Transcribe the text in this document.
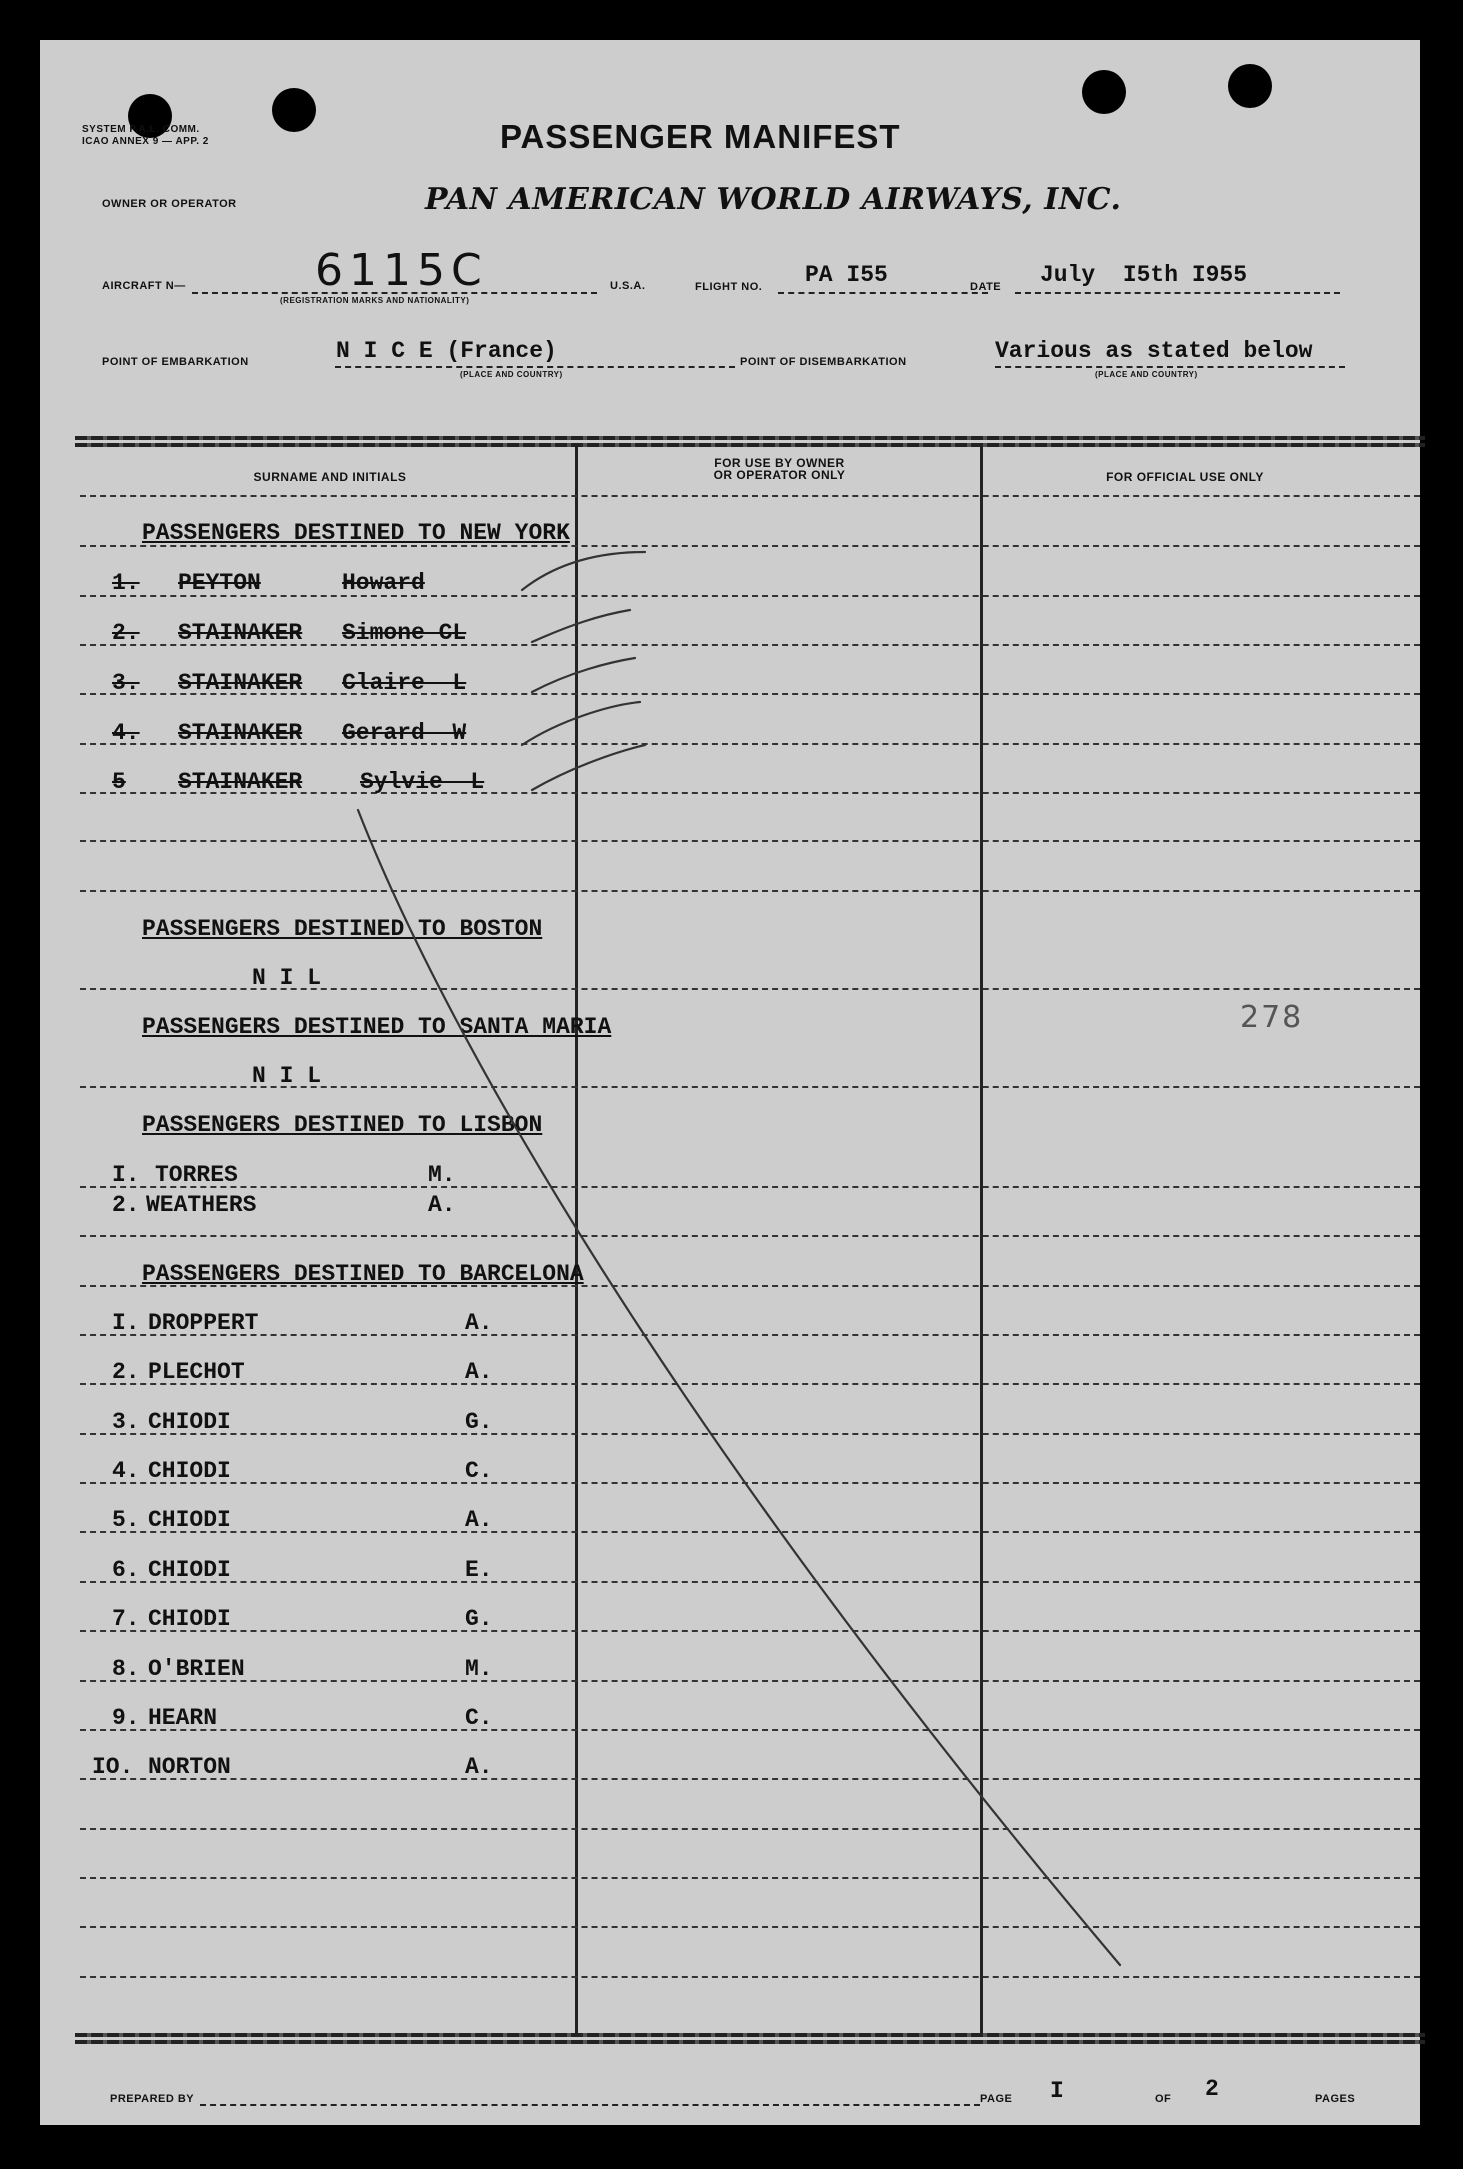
SYSTEM P.A.L. COMM.
ICAO ANNEX 9 — APP. 2	PASSENGER MANIFEST
OWNER OR OPERATOR	PAN AMERICAN WORLD AIRWAYS, INC.
AIRCRAFT N—	6115C
(REGISTRATION MARKS AND NATIONALITY)
U.S.A.	FLIGHT NO. PA I55	DATE July  I5th I955
POINT OF EMBARKATION	N I C E (France)
(PLACE AND COUNTRY)
POINT OF DISEMBARKATION	Various as stated below
(PLACE AND COUNTRY)
SURNAME AND INITIALS
FOR USE BY OWNER
OR OPERATOR ONLY	FOR OFFICIAL USE ONLY
PASSENGERS DESTINED TO NEW YORK
1. PEYTON	Howard
2. STAINAKER Simone CL
3. STAINAKER Claire  L
4. STAINAKER Gerard  W
5 STAINAKER	Sylvie  L
PASSENGERS DESTINED TO BOSTON
N I L
PASSENGERS DESTINED TO SANTA MARIA
N I L
278
PASSENGERS DESTINED TO LISBON
I. TORRES	M.
2. WEATHERS	A.
PASSENGERS DESTINED TO BARCELONA
I. DROPPERT	A.
2. PLECHOT	A.
3. CHIODI	G.
4. CHIODI	C.
5. CHIODI	A.
6. CHIODI	E.
7. CHIODI	G.
8. O'BRIEN	M.
9. HEARN	C.
IO. NORTON	A.
PREPARED BY	PAGE I	OF 2	PAGES
